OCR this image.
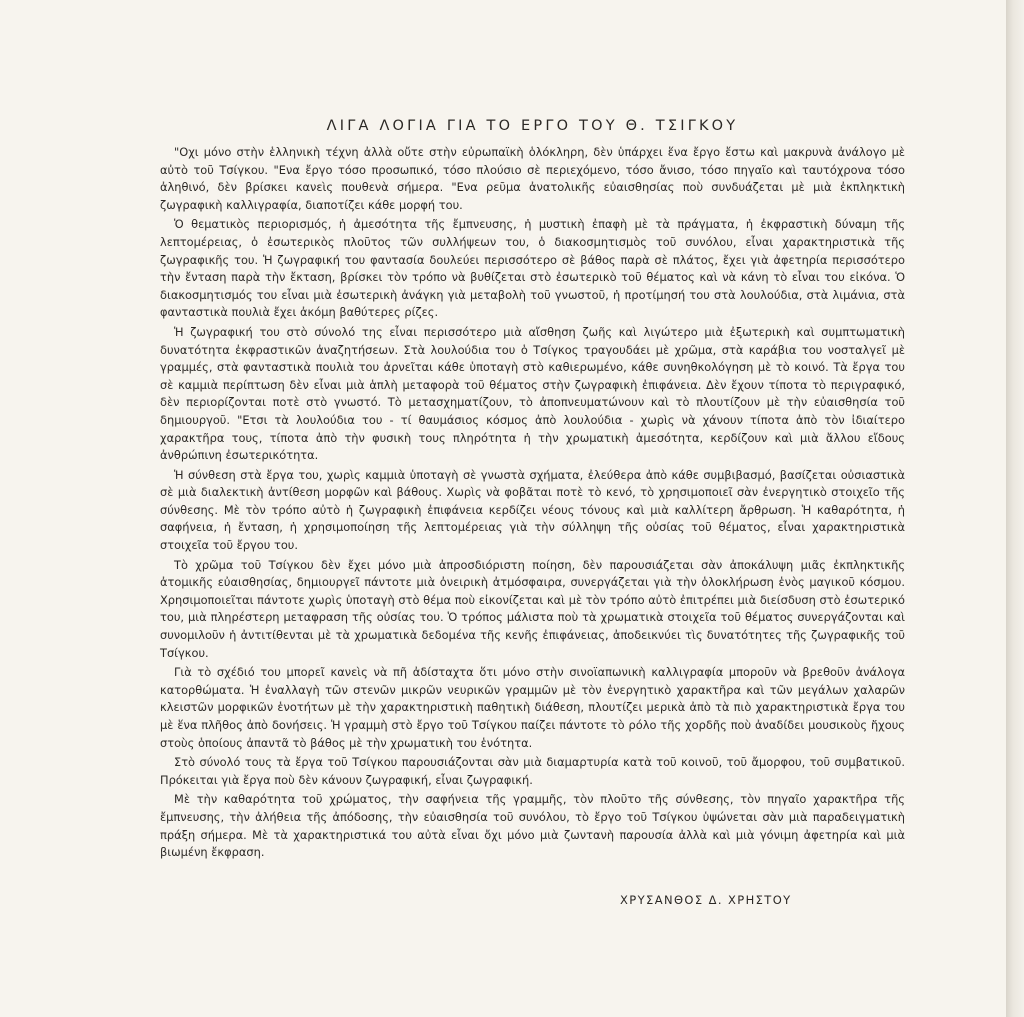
ΛΙΓΑ ΛΟΓΙΑ ΓΙΑ ΤΟ ΕΡΓΟ ΤΟΥ Θ. ΤΣΙΓΚΟΥ

"Οχι μόνο στὴν ἑλληνικὴ τέχνη ἀλλὰ οὔτε στὴν εὐρωπαϊκὴ ὁλόκληρη, δὲν ὑπάρχει ἕνα ἔργο ἔστω καὶ μακρυνὰ ἀνάλογο μὲ αὐτὸ τοῦ Τσίγκου. "Ενα ἔργο τόσο προσωπικό, τόσο πλούσιο σὲ περιεχόμενο, τόσο ἄνισο, τόσο πηγαῖο καὶ ταυτόχρονα τόσο ἀληθινό, δὲν βρίσκει κανεὶς πουθενὰ σήμερα. "Ενα ρεῦμα ἀνατολικῆς εὐαισθησίας ποὺ συνδυάζεται μὲ μιὰ ἐκπληκτικὴ ζωγραφικὴ καλλιγραφία, διαποτίζει κάθε μορφή του.

Ὁ θεματικὸς περιορισμός, ἡ ἀμεσότητα τῆς ἔμπνευσης, ἡ μυστικὴ ἐπαφὴ μὲ τὰ πράγματα, ἡ ἐκφραστικὴ δύναμη τῆς λεπτομέρειας, ὁ ἐσωτερικὸς πλοῦτος τῶν συλλήψεων του, ὁ διακοσμητισμὸς τοῦ συνόλου, εἶναι χαρακτηριστικὰ τῆς ζωγραφικῆς του. Ἡ ζωγραφική του φαντασία δουλεύει περισσότερο σὲ βάθος παρὰ σὲ πλάτος, ἔχει γιὰ ἀφετηρία περισσότερο τὴν ἔνταση παρὰ τὴν ἔκταση, βρίσκει τὸν τρόπο νὰ βυθίζεται στὸ ἐσωτερικὸ τοῦ θέματος καὶ νὰ κάνη τὸ εἶναι του εἰκόνα. Ὁ διακοσμητισμός του εἶναι μιὰ ἐσωτερικὴ ἀνάγκη γιὰ μεταβολὴ τοῦ γνωστοῦ, ἡ προτίμησή του στὰ λουλούδια, στὰ λιμάνια, στὰ φανταστικὰ πουλιὰ ἔχει ἀκόμη βαθύτερες ρίζες.

Ἡ ζωγραφική του στὸ σύνολό της εἶναι περισσότερο μιὰ αἴσθηση ζωῆς καὶ λιγώτερο μιὰ ἐξωτερικὴ καὶ συμπτωματικὴ δυνατότητα ἐκφραστικῶν ἀναζητήσεων. Στὰ λουλούδια του ὁ Τσίγκος τραγουδάει μὲ χρῶμα, στὰ καράβια του νοσταλγεῖ μὲ γραμμές, στὰ φανταστικὰ πουλιὰ του ἀρνεῖται κάθε ὑποταγὴ στὸ καθιερωμένο, κάθε συνηθκολόγηση μὲ τὸ κοινό. Τὰ ἔργα του σὲ καμμιὰ περίπτωση δὲν εἶναι μιὰ ἁπλὴ μεταφορὰ τοῦ θέματος στὴν ζωγραφικὴ ἐπιφάνεια. Δὲν ἔχουν τίποτα τὸ περιγραφικό, δὲν περιορίζονται ποτὲ στὸ γνωστό. Τὸ μετασχηματίζουν, τὸ ἀποπνευματώνουν καὶ τὸ πλουτίζουν μὲ τὴν εὐαισθησία τοῦ δημιουργοῦ. "Ετσι τὰ λουλούδια του - τί θαυμάσιος κόσμος ἀπὸ λουλούδια - χωρὶς νὰ χάνουν τίποτα ἀπὸ τὸν ἰδιαίτερο χαρακτῆρα τους, τίποτα ἀπὸ τὴν φυσικὴ τους πληρότητα ἡ τὴν χρωματικὴ ἀμεσότητα, κερδίζουν καὶ μιὰ ἄλλου εἴδους ἀνθρώπινη ἐσωτερικότητα.

Ἡ σύνθεση στὰ ἔργα του, χωρὶς καμμιὰ ὑποταγὴ σὲ γνωστὰ σχήματα, ἐλεύθερα ἀπὸ κάθε συμβιβασμό, βασίζεται οὐσιαστικὰ σὲ μιὰ διαλεκτικὴ ἀντίθεση μορφῶν καὶ βάθους. Χωρὶς νὰ φοβᾶται ποτὲ τὸ κενό, τὸ χρησιμοποιεῖ σὰν ἐνεργητικὸ στοιχεῖο τῆς σύνθεσης. Μὲ τὸν τρόπο αὐτὸ ἡ ζωγραφικὴ ἐπιφάνεια κερδίζει νέους τόνους καὶ μιὰ καλλίτερη ἄρθρωση. Ἡ καθαρότητα, ἡ σαφήνεια, ἡ ἔνταση, ἡ χρησιμοποίηση τῆς λεπτομέρειας γιὰ τὴν σύλληψη τῆς οὐσίας τοῦ θέματος, εἶναι χαρακτηριστικὰ στοιχεῖα τοῦ ἔργου του.

Τὸ χρῶμα τοῦ Τσίγκου δὲν ἔχει μόνο μιὰ ἀπροσδιόριστη ποίηση, δὲν παρουσιάζεται σὰν ἀποκάλυψη μιᾶς ἐκπληκτικῆς ἀτομικῆς εὐαισθησίας, δημιουργεῖ πάντοτε μιὰ ὀνειρικὴ ἀτμόσφαιρα, συνεργάζεται γιὰ τὴν ὁλοκλήρωση ἑνὸς μαγικοῦ κόσμου. Χρησιμοποιεῖται πάντοτε χωρὶς ὑποταγὴ στὸ θέμα ποὺ εἰκονίζεται καὶ μὲ τὸν τρόπο αὐτὸ ἐπιτρέπει μιὰ διείσδυση στὸ ἐσωτερικό του, μιὰ πληρέστερη μεταφραση τῆς οὐσίας του. Ὁ τρόπος μάλιστα ποὺ τὰ χρωματικὰ στοιχεῖα τοῦ θέματος συνεργάζονται καὶ συνομιλοῦν ἡ ἀντιτίθενται μὲ τὰ χρωματικὰ δεδομένα τῆς κενῆς ἐπιφάνειας, ἀποδεικνύει τὶς δυνατότητες τῆς ζωγραφικῆς τοῦ Τσίγκου.

Γιὰ τὸ σχέδιό του μπορεῖ κανεὶς νὰ πῆ ἀδίσταχτα ὅτι μόνο στὴν σινοϊαπωνικὴ καλλιγραφία μποροῦν νὰ βρεθοῦν ἀνάλογα κατορθώματα. Ἡ ἐναλλαγὴ τῶν στενῶν μικρῶν νευρικῶν γραμμῶν μὲ τὸν ἐνεργητικὸ χαρακτῆρα καὶ τῶν μεγάλων χαλαρῶν κλειστῶν μορφικῶν ἑνοτήτων μὲ τὴν χαρακτηριστικὴ παθητικὴ διάθεση, πλουτίζει μερικὰ ἀπὸ τὰ πιὸ χαρακτηριστικὰ ἔργα του μὲ ἕνα πλῆθος ἀπὸ δονήσεις. Ἡ γραμμὴ στὸ ἔργο τοῦ Τσίγκου παίζει πάντοτε τὸ ρόλο τῆς χορδῆς ποὺ ἀναδίδει μουσικοὺς ἤχους στοὺς ὁποίους ἀπαντᾶ τὸ βάθος μὲ τὴν χρωματικὴ του ἑνότητα.

Στὸ σύνολό τους τὰ ἔργα τοῦ Τσίγκου παρουσιάζονται σὰν μιὰ διαμαρτυρία κατὰ τοῦ κοινοῦ, τοῦ ἄμορφου, τοῦ συμβατικοῦ. Πρόκειται γιὰ ἔργα ποὺ δὲν κάνουν ζωγραφική, εἶναι ζωγραφική.

Μὲ τὴν καθαρότητα τοῦ χρώματος, τὴν σαφήνεια τῆς γραμμῆς, τὸν πλοῦτο τῆς σύνθεσης, τὸν πηγαῖο χαρακτῆρα τῆς ἔμπνευσης, τὴν ἀλήθεια τῆς ἀπόδοσης, τὴν εὐαισθησία τοῦ συνόλου, τὸ ἔργο τοῦ Τσίγκου ὑψώνεται σὰν μιὰ παραδειγματικὴ πράξη σήμερα. Μὲ τὰ χαρακτηριστικά του αὐτὰ εἶναι ὄχι μόνο μιὰ ζωντανὴ παρουσία ἀλλὰ καὶ μιὰ γόνιμη ἀφετηρία καὶ μιὰ βιωμένη ἔκφραση.

ΧΡΥΣΑΝΘΟΣ Δ. ΧΡΗΣΤΟΥ
